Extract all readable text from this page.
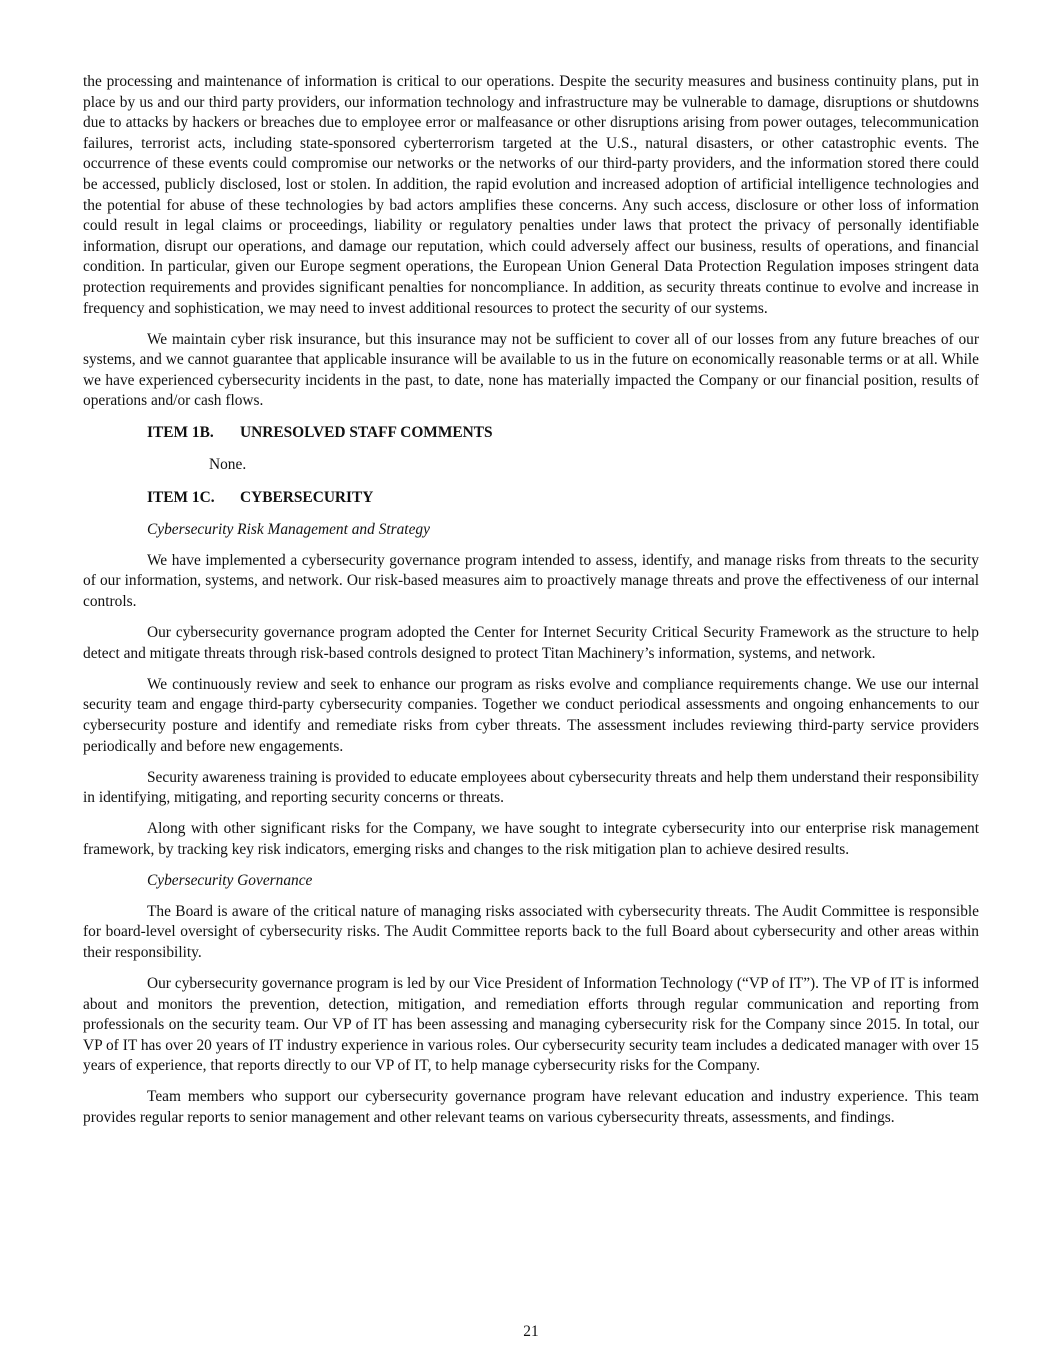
the processing and maintenance of information is critical to our operations. Despite the security measures and business continuity plans, put in place by us and our third party providers, our information technology and infrastructure may be vulnerable to damage, disruptions or shutdowns due to attacks by hackers or breaches due to employee error or malfeasance or other disruptions arising from power outages, telecommunication failures, terrorist acts, including state-sponsored cyberterrorism targeted at the U.S., natural disasters, or other catastrophic events. The occurrence of these events could compromise our networks or the networks of our third-party providers, and the information stored there could be accessed, publicly disclosed, lost or stolen. In addition, the rapid evolution and increased adoption of artificial intelligence technologies and the potential for abuse of these technologies by bad actors amplifies these concerns. Any such access, disclosure or other loss of information could result in legal claims or proceedings, liability or regulatory penalties under laws that protect the privacy of personally identifiable information, disrupt our operations, and damage our reputation, which could adversely affect our business, results of operations, and financial condition. In particular, given our Europe segment operations, the European Union General Data Protection Regulation imposes stringent data protection requirements and provides significant penalties for noncompliance. In addition, as security threats continue to evolve and increase in frequency and sophistication, we may need to invest additional resources to protect the security of our systems.

We maintain cyber risk insurance, but this insurance may not be sufficient to cover all of our losses from any future breaches of our systems, and we cannot guarantee that applicable insurance will be available to us in the future on economically reasonable terms or at all. While we have experienced cybersecurity incidents in the past, to date, none has materially impacted the Company or our financial position, results of operations and/or cash flows.

ITEM 1B. UNRESOLVED STAFF COMMENTS
None.
ITEM 1C. CYBERSECURITY
Cybersecurity Risk Management and Strategy

We have implemented a cybersecurity governance program intended to assess, identify, and manage risks from threats to the security of our information, systems, and network. Our risk-based measures aim to proactively manage threats and prove the effectiveness of our internal controls.

Our cybersecurity governance program adopted the Center for Internet Security Critical Security Framework as the structure to help detect and mitigate threats through risk-based controls designed to protect Titan Machinery’s information, systems, and network.

We continuously review and seek to enhance our program as risks evolve and compliance requirements change. We use our internal security team and engage third-party cybersecurity companies. Together we conduct periodical assessments and ongoing enhancements to our cybersecurity posture and identify and remediate risks from cyber threats. The assessment includes reviewing third-party service providers periodically and before new engagements.

Security awareness training is provided to educate employees about cybersecurity threats and help them understand their responsibility in identifying, mitigating, and reporting security concerns or threats.

Along with other significant risks for the Company, we have sought to integrate cybersecurity into our enterprise risk management framework, by tracking key risk indicators, emerging risks and changes to the risk mitigation plan to achieve desired results.

Cybersecurity Governance

The Board is aware of the critical nature of managing risks associated with cybersecurity threats. The Audit Committee is responsible for board-level oversight of cybersecurity risks. The Audit Committee reports back to the full Board about cybersecurity and other areas within their responsibility.

Our cybersecurity governance program is led by our Vice President of Information Technology (“VP of IT”). The VP of IT is informed about and monitors the prevention, detection, mitigation, and remediation efforts through regular communication and reporting from professionals on the security team. Our VP of IT has been assessing and managing cybersecurity risk for the Company since 2015. In total, our VP of IT has over 20 years of IT industry experience in various roles. Our cybersecurity security team includes a dedicated manager with over 15 years of experience, that reports directly to our VP of IT, to help manage cybersecurity risks for the Company.

Team members who support our cybersecurity governance program have relevant education and industry experience. This team provides regular reports to senior management and other relevant teams on various cybersecurity threats, assessments, and findings.

21
